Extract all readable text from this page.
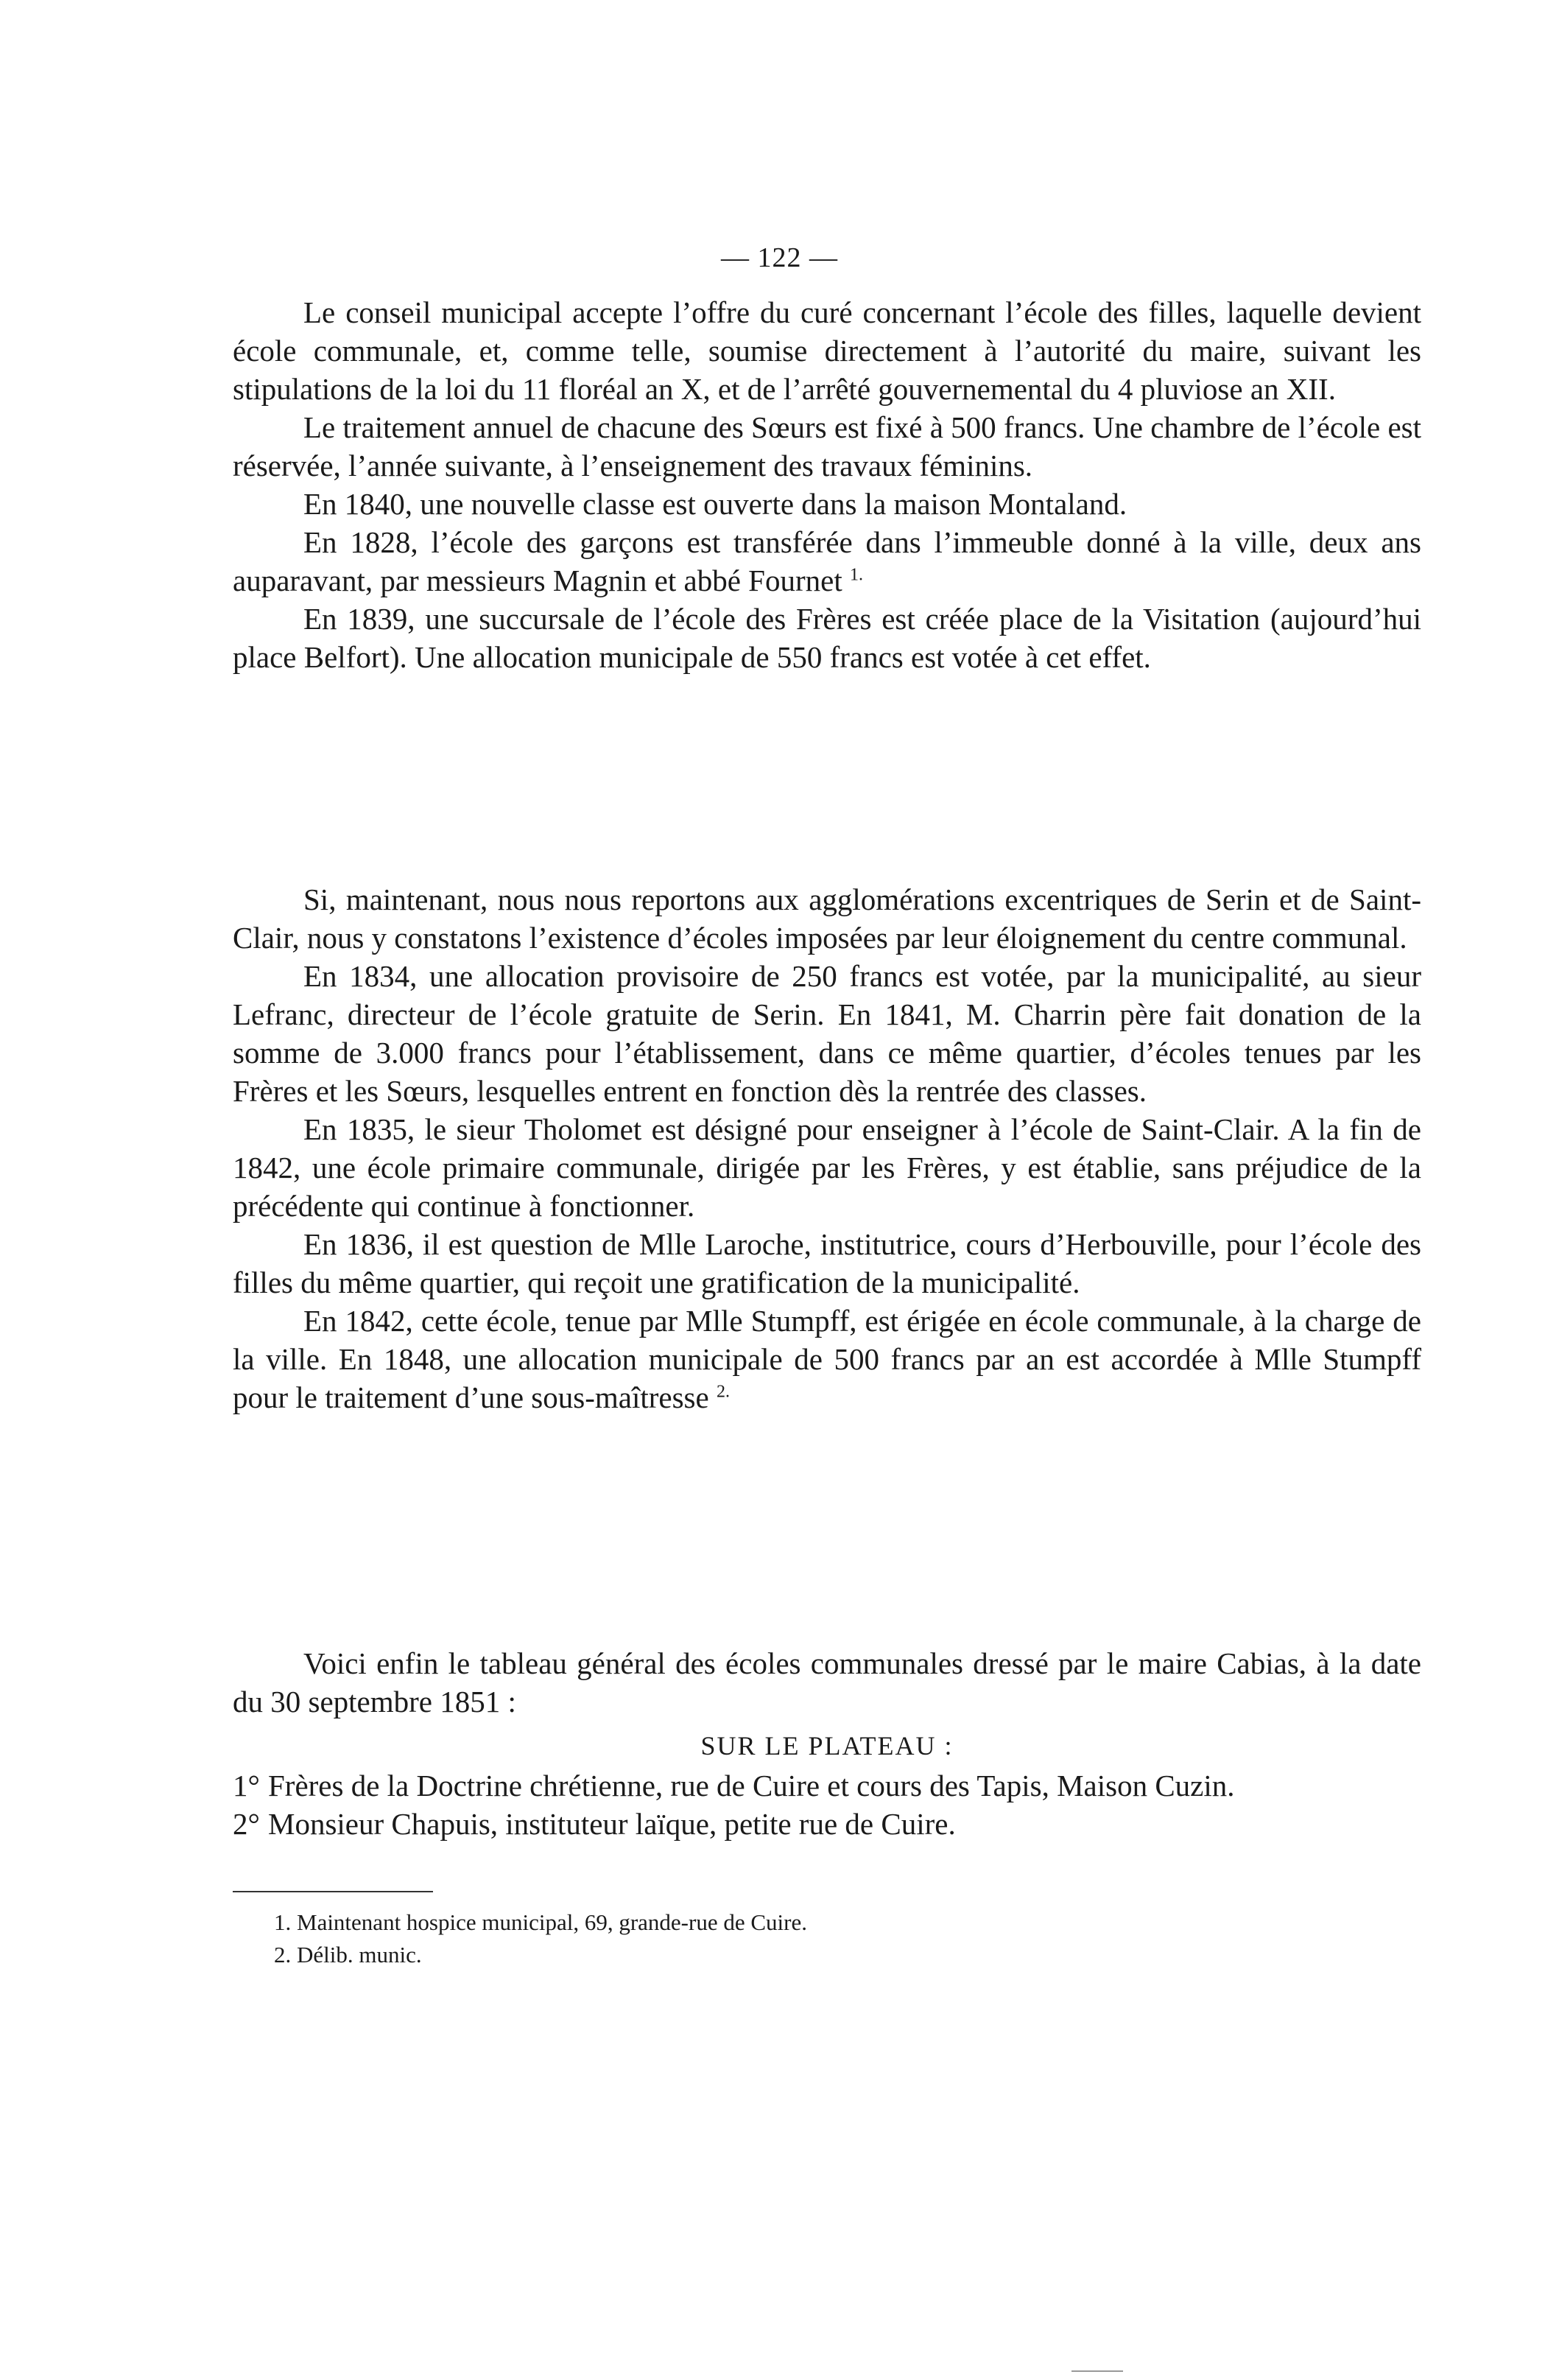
— 122 —

Le conseil municipal accepte l’offre du curé concernant l’école des filles, laquelle devient école communale, et, comme telle, soumise directement à l’autorité du maire, suivant les stipulations de la loi du 11 floréal an X, et de l’arrêté gouvernemental du 4 pluviose an XII.

Le traitement annuel de chacune des Sœurs est fixé à 500 francs. Une chambre de l’école est réservée, l’année suivante, à l’enseignement des travaux féminins.

En 1840, une nouvelle classe est ouverte dans la maison Montaland.

En 1828, l’école des garçons est transférée dans l’immeuble donné à la ville, deux ans auparavant, par messieurs Magnin et abbé Fournet $^{1.}$

En 1839, une succursale de l’école des Frères est créée place de la Visitation (aujourd’hui place Belfort). Une allocation municipale de 550 francs est votée à cet effet.

Si, maintenant, nous nous reportons aux agglomérations excentriques de Serin et de Saint-Clair, nous y constatons l’existence d’écoles imposées par leur éloignement du centre communal.

En 1834, une allocation provisoire de 250 francs est votée, par la municipalité, au sieur Lefranc, directeur de l’école gratuite de Serin. En 1841, M. Charrin père fait donation de la somme de 3.000 francs pour l’établissement, dans ce même quartier, d’écoles tenues par les Frères et les Sœurs, lesquelles entrent en fonction dès la rentrée des classes.

En 1835, le sieur Tholomet est désigné pour enseigner à l’école de Saint-Clair. A la fin de 1842, une école primaire communale, dirigée par les Frères, y est établie, sans préjudice de la précédente qui continue à fonctionner.

En 1836, il est question de Mlle Laroche, institutrice, cours d’Herbouville, pour l’école des filles du même quartier, qui reçoit une gratification de la municipalité.

En 1842, cette école, tenue par Mlle Stumpff, est érigée en école communale, à la charge de la ville. En 1848, une allocation municipale de 500 francs par an est accordée à Mlle Stumpff pour le traitement d’une sous-maîtresse $^{2.}$

Voici enfin le tableau général des écoles communales dressé par le maire Cabias, à la date du 30 septembre 1851 :

SUR LE PLATEAU :
1° Frères de la Doctrine chrétienne, rue de Cuire et cours des Tapis, Maison Cuzin.
2° Monsieur Chapuis, instituteur laïque, petite rue de Cuire.

1. Maintenant hospice municipal, 69, grande-rue de Cuire.

2. Délib. munic.
